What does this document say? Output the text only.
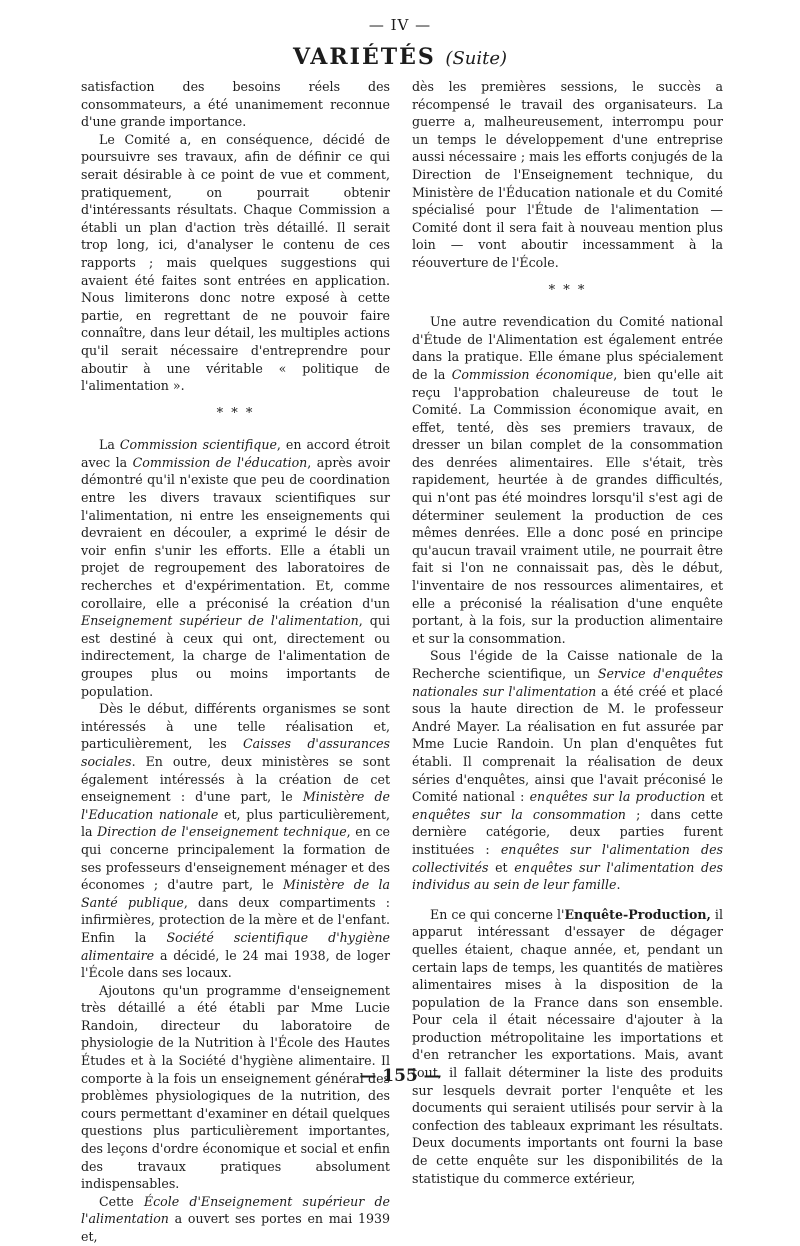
— IV —
VARIÉTÉS (Suite)

satisfaction des besoins réels des consommateurs, a été unanimement reconnue d'une grande importance.

Le Comité a, en conséquence, décidé de poursuivre ses travaux, afin de définir ce qui serait désirable à ce point de vue et comment, pratiquement, on pourrait obtenir d'intéressants résultats. Chaque Commission a établi un plan d'action très détaillé. Il serait trop long, ici, d'analyser le contenu de ces rapports ; mais quelques suggestions qui avaient été faites sont entrées en application. Nous limiterons donc notre exposé à cette partie, en regrettant de ne pouvoir faire connaître, dans leur détail, les multiples actions qu'il serait nécessaire d'entreprendre pour aboutir à une véritable « politique de l'alimentation ».

* * *

La Commission scientifique, en accord étroit avec la Commission de l'éducation, après avoir démontré qu'il n'existe que peu de coordination entre les divers travaux scientifiques sur l'alimentation, ni entre les enseignements qui devraient en découler, a exprimé le désir de voir enfin s'unir les efforts. Elle a établi un projet de regroupement des laboratoires de recherches et d'expérimentation. Et, comme corollaire, elle a préconisé la création d'un Enseignement supérieur de l'alimentation, qui est destiné à ceux qui ont, directement ou indirectement, la charge de l'alimentation de groupes plus ou moins importants de population.

Dès le début, différents organismes se sont intéressés à une telle réalisation et, particulièrement, les Caisses d'assurances sociales. En outre, deux ministères se sont également intéressés à la création de cet enseignement : d'une part, le Ministère de l'Education nationale et, plus particulièrement, la Direction de l'enseignement technique, en ce qui concerne principalement la formation de ses professeurs d'enseignement ménager et des économes ; d'autre part, le Ministère de la Santé publique, dans deux compartiments : infirmières, protection de la mère et de l'enfant. Enfin la Société scientifique d'hygiène alimentaire a décidé, le 24 mai 1938, de loger l'École dans ses locaux.

Ajoutons qu'un programme d'enseignement très détaillé a été établi par Mme Lucie Randoin, directeur du laboratoire de physiologie de la Nutrition à l'École des Hautes Études et à la Société d'hygiène alimentaire. Il comporte à la fois un enseignement général des problèmes physiologiques de la nutrition, des cours permettant d'examiner en détail quelques questions plus particulièrement importantes, des leçons d'ordre économique et social et enfin des travaux pratiques absolument indispensables.

Cette École d'Enseignement supérieur de l'alimentation a ouvert ses portes en mai 1939 et,

dès les premières sessions, le succès a récompensé le travail des organisateurs. La guerre a, malheureusement, interrompu pour un temps le développement d'une entreprise aussi nécessaire ; mais les efforts conjugés de la Direction de l'Enseignement technique, du Ministère de l'Éducation nationale et du Comité spécialisé pour l'Étude de l'alimentation — Comité dont il sera fait à nouveau mention plus loin — vont aboutir incessamment à la réouverture de l'École.

* * *

Une autre revendication du Comité national d'Étude de l'Alimentation est également entrée dans la pratique. Elle émane plus spécialement de la Commission économique, bien qu'elle ait reçu l'approbation chaleureuse de tout le Comité. La Commission économique avait, en effet, tenté, dès ses premiers travaux, de dresser un bilan complet de la consommation des denrées alimentaires. Elle s'était, très rapidement, heurtée à de grandes difficultés, qui n'ont pas été moindres lorsqu'il s'est agi de déterminer seulement la production de ces mêmes denrées. Elle a donc posé en principe qu'aucun travail vraiment utile, ne pourrait être fait si l'on ne connaissait pas, dès le début, l'inventaire de nos ressources alimentaires, et elle a préconisé la réalisation d'une enquête portant, à la fois, sur la production alimentaire et sur la consommation.

Sous l'égide de la Caisse nationale de la Recherche scientifique, un Service d'enquêtes nationales sur l'alimentation a été créé et placé sous la haute direction de M. le professeur André Mayer. La réalisation en fut assurée par Mme Lucie Randoin. Un plan d'enquêtes fut établi. Il comprenait la réalisation de deux séries d'enquêtes, ainsi que l'avait préconisé le Comité national : enquêtes sur la production et enquêtes sur la consommation ; dans cette dernière catégorie, deux parties furent instituées : enquêtes sur l'alimentation des collectivités et enquêtes sur l'alimentation des individus au sein de leur famille.

En ce qui concerne l'Enquête-Production, il apparut intéressant d'essayer de dégager quelles étaient, chaque année, et, pendant un certain laps de temps, les quantités de matières alimentaires mises à la disposition de la population de la France dans son ensemble. Pour cela il était nécessaire d'ajouter à la production métropolitaine les importations et d'en retrancher les exportations. Mais, avant tout, il fallait déterminer la liste des produits sur lesquels devrait porter l'enquête et les documents qui seraient utilisés pour servir à la confection des tableaux exprimant les résultats. Deux documents importants ont fourni la base de cette enquête sur les disponibilités de la statistique du commerce extérieur,

— 155 —
